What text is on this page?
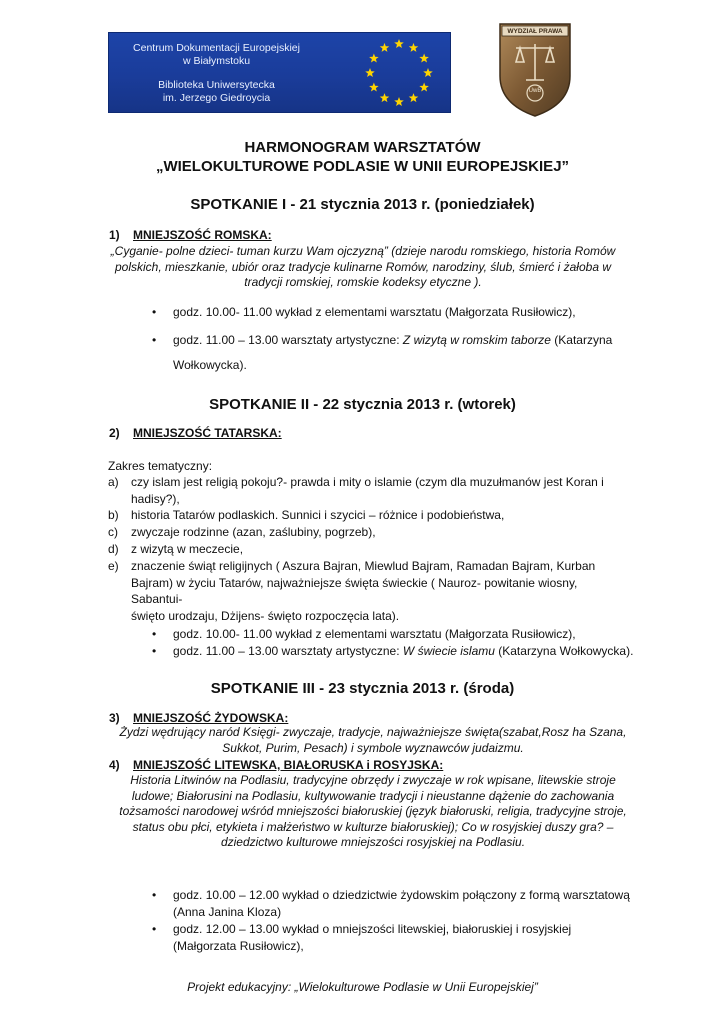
Centrum Dokumentacji Europejskiej
w Białymstoku
Biblioteka Uniwersytecka
im. Jerzego Giedroycia
WYDZIAŁ PRAWA
UwB
HARMONOGRAM WARSZTATÓW
„WIELOKULTUROWE PODLASIE W UNII EUROPEJSKIEJ”
SPOTKANIE I - 21 stycznia 2013 r. (poniedziałek)
1) MNIEJSZOŚĆ ROMSKA:
„Cyganie- polne dzieci- tuman kurzu Wam ojczyzną” (dzieje narodu romskiego, historia Romów
polskich, mieszkanie, ubiór oraz tradycje kulinarne Romów, narodziny, ślub, śmierć i żałoba w
tradycji romskiej, romskie kodeksy etyczne ).
• godz. 10.00- 11.00 wykład z elementami warsztatu (Małgorzata Rusiłowicz),
• godz. 11.00 – 13.00 warsztaty artystyczne: Z wizytą w romskim taborze (Katarzyna
Wołkowycka).
SPOTKANIE II - 22 stycznia 2013 r. (wtorek)
2) MNIEJSZOŚĆ TATARSKA:
Zakres tematyczny:
a) czy islam jest religią pokoju?- prawda i mity o islamie (czym dla muzułmanów jest Koran i
hadisy?),
b) historia Tatarów podlaskich. Sunnici i szycici – różnice i podobieństwa,
c) zwyczaje rodzinne (azan, zaślubiny, pogrzeb),
d) z wizytą w meczecie,
e) znaczenie świąt religijnych ( Aszura Bajran, Miewlud Bajram, Ramadan Bajram, Kurban
Bajram) w życiu Tatarów, najważniejsze święta świeckie ( Nauroz- powitanie wiosny, Sabantui-
święto urodzaju, Dżijens- święto rozpoczęcia lata).
• godz. 10.00- 11.00 wykład z elementami warsztatu (Małgorzata Rusiłowicz),
• godz. 11.00 – 13.00 warsztaty artystyczne: W świecie islamu (Katarzyna Wołkowycka).
SPOTKANIE III - 23 stycznia 2013 r. (środa)
3) MNIEJSZOŚĆ ŻYDOWSKA:
Żydzi wędrujący naród Księgi- zwyczaje, tradycje, najważniejsze święta(szabat,Rosz ha Szana,
Sukkot, Purim, Pesach) i symbole wyznawców judaizmu.
4) MNIEJSZOŚĆ LITEWSKA, BIAŁORUSKA i ROSYJSKA:
Historia Litwinów na Podlasiu, tradycyjne obrzędy i zwyczaje w rok wpisane, litewskie stroje
ludowe; Białorusini na Podlasiu, kultywowanie tradycji i nieustanne dążenie do zachowania
tożsamości narodowej wśród mniejszości białoruskiej (język białoruski, religia, tradycyjne stroje,
status obu płci, etykieta i małżeństwo w kulturze białoruskiej); Co w rosyjskiej duszy gra? –
dziedzictwo kulturowe mniejszości rosyjskiej na Podlasiu.
• godz. 10.00 – 12.00 wykład o dziedzictwie żydowskim połączony z formą warsztatową
(Anna Janina Kloza)
• godz. 12.00 – 13.00 wykład o mniejszości litewskiej, białoruskiej i rosyjskiej
(Małgorzata Rusiłowicz),
Projekt edukacyjny: „Wielokulturowe Podlasie w Unii Europejskiej”
